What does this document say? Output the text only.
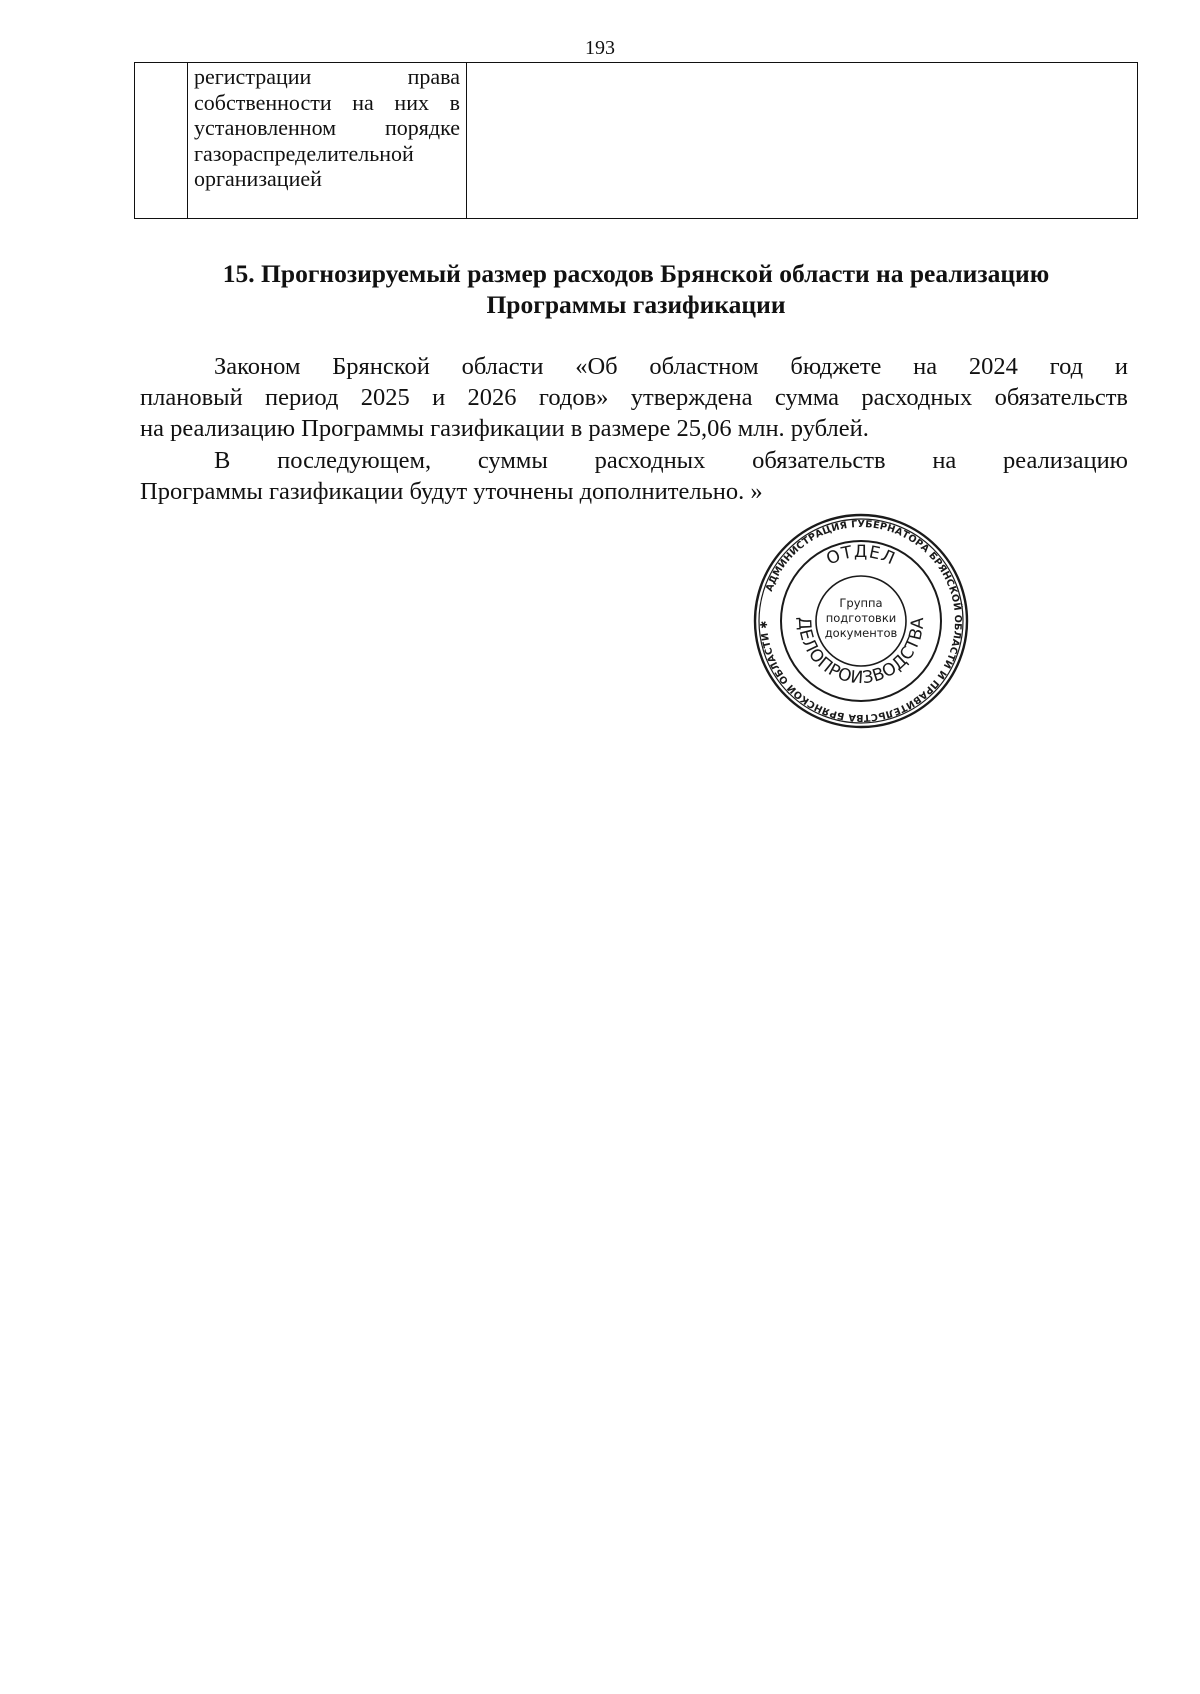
193

регистрации права
собственности на них в
установленном порядке
газораспределительной
организацией

15. Прогнозируемый размер расходов Брянской области на реализацию
Программы газификации

Законом Брянской области «Об областном бюджете на 2024 год и
плановый период 2025 и 2026 годов» утверждена сумма расходных обязательств
на реализацию Программы газификации в размере 25,06 млн. рублей.

В последующем, суммы расходных обязательств на реализацию
Программы газификации будут уточнены дополнительно. »

АДМИНИСТРАЦИЯ ГУБЕРНАТОРА БРЯНСКОЙ ОБЛАСТИ И ПРАВИТЕЛЬСТВА БРЯНСКОЙ ОБЛАСТИ ✱
ОТДЕЛ
ДЕЛОПРОИЗВОДСТВА
Группа
подготовки
документов
